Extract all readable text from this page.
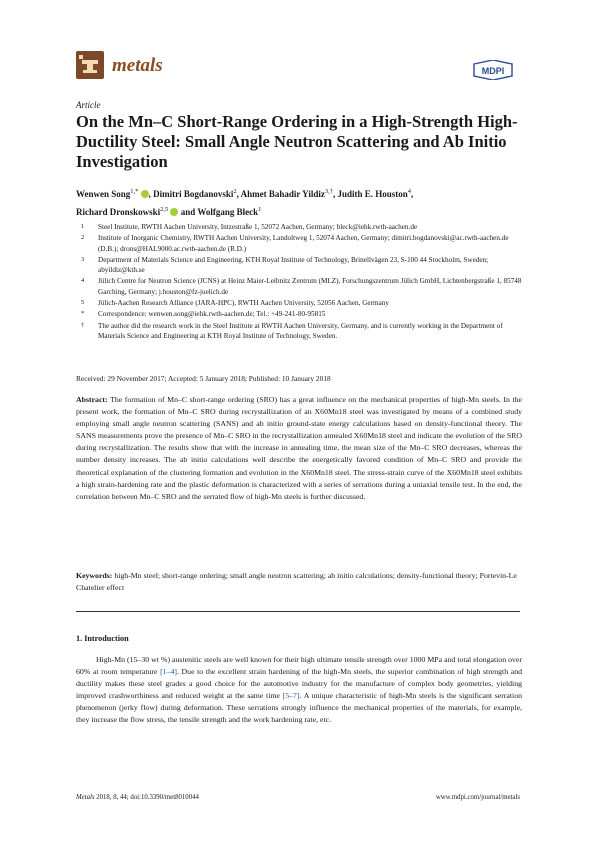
metals	MDPI
Article
On the Mn–C Short-Range Ordering in a High-Strength High-Ductility Steel: Small Angle Neutron Scattering and Ab Initio Investigation
Wenwen Song$^{1,*}$ , Dimitri Bogdanovski$^2$, Ahmet Bahadir Yildiz$^{3,\dagger}$, Judith E. Houston$^4$,
Richard Dronskowski$^{2,5}$ and Wolfgang Bleck$^1$
1 Steel Institute, RWTH Aachen University, Intzestraße 1, 52072 Aachen, Germany; bleck@iehk.rwth-aachen.de
2 Institute of Inorganic Chemistry, RWTH Aachen University, Landoltweg 1, 52074 Aachen, Germany; dimitri.bogdanovski@ac.rwth-aachen.de (D.B.); drons@HAL9000.ac.rwth-aachen.de (R.D.)
3 Department of Materials Science and Engineering, KTH Royal Institute of Technology, Brinellvägen 23, S-100 44 Stockholm, Sweden; abyildiz@kth.se
4 Jülich Centre for Neutron Science (JCNS) at Heinz Maier-Leibnitz Zentrum (MLZ), Forschungszentrum Jülich GmbH, Lichtenbergstraße 1, 85748 Garching, Germany; j.houston@fz-juelich.de
5 Jülich-Aachen Research Alliance (JARA-HPC), RWTH Aachen University, 52056 Aachen, Germany
* Correspondence: wenwen.song@iehk.rwth-aachen.de; Tel.: +49-241-80-95815
† The author did the research work in the Steel Institute at RWTH Aachen University, Germany, and is currently working in the Department of Materials Science and Engineering at KTH Royal Institute of Technology, Sweden.
Received: 29 November 2017; Accepted: 5 January 2018; Published: 10 January 2018
Abstract: The formation of Mn–C short-range ordering (SRO) has a great influence on the mechanical properties of high-Mn steels. In the present work, the formation of Mn–C SRO during recrystallization of an X60Mn18 steel was investigated by means of a combined study employing small angle neutron scattering (SANS) and ab initio ground-state energy calculations based on density-functional theory. The SANS measurements prove the presence of Mn–C SRO in the recrystallization annealed X60Mn18 steel and indicate the evolution of the SRO during recrystallization. The results show that with the increase in annealing time, the mean size of the Mn–C SRO decreases, whereas the number density increases. The ab initio calculations well describe the energetically favored condition of Mn–C SRO and provide the theoretical explanation of the clustering formation and evolution in the X60Mn18 steel. The stress-strain curve of the X60Mn18 steel exhibits a high strain-hardening rate and the plastic deformation is characterized with a series of serrations during a uniaxial tensile test. In the end, the correlation between Mn–C SRO and the serrated flow of high-Mn steels is further discussed.
Keywords: high-Mn steel; short-range ordering; small angle neutron scattering; ab initio calculations; density-functional theory; Portevin-Le Chatelier effect
1. Introduction
High-Mn (15–30 wt %) austenitic steels are well known for their high ultimate tensile strength over 1000 MPa and total elongation over 60% at room temperature [1–4]. Due to the excellent strain hardening of the high-Mn steels, the superior combination of high strength and ductility makes these steel grades a good choice for the automotive industry for the manufacture of complex body geometries, yielding improved crashworthiness and reduced weight at the same time [5–7]. A unique characteristic of high-Mn steels is the significant serration phenomenon (jerky flow) during deformation. These serrations strongly influence the mechanical properties of the materials, for example, they increase the flow stress, the tensile strength and the work hardening rate, etc.
Metals 2018, 8, 44; doi:10.3390/met8010044	www.mdpi.com/journal/metals
